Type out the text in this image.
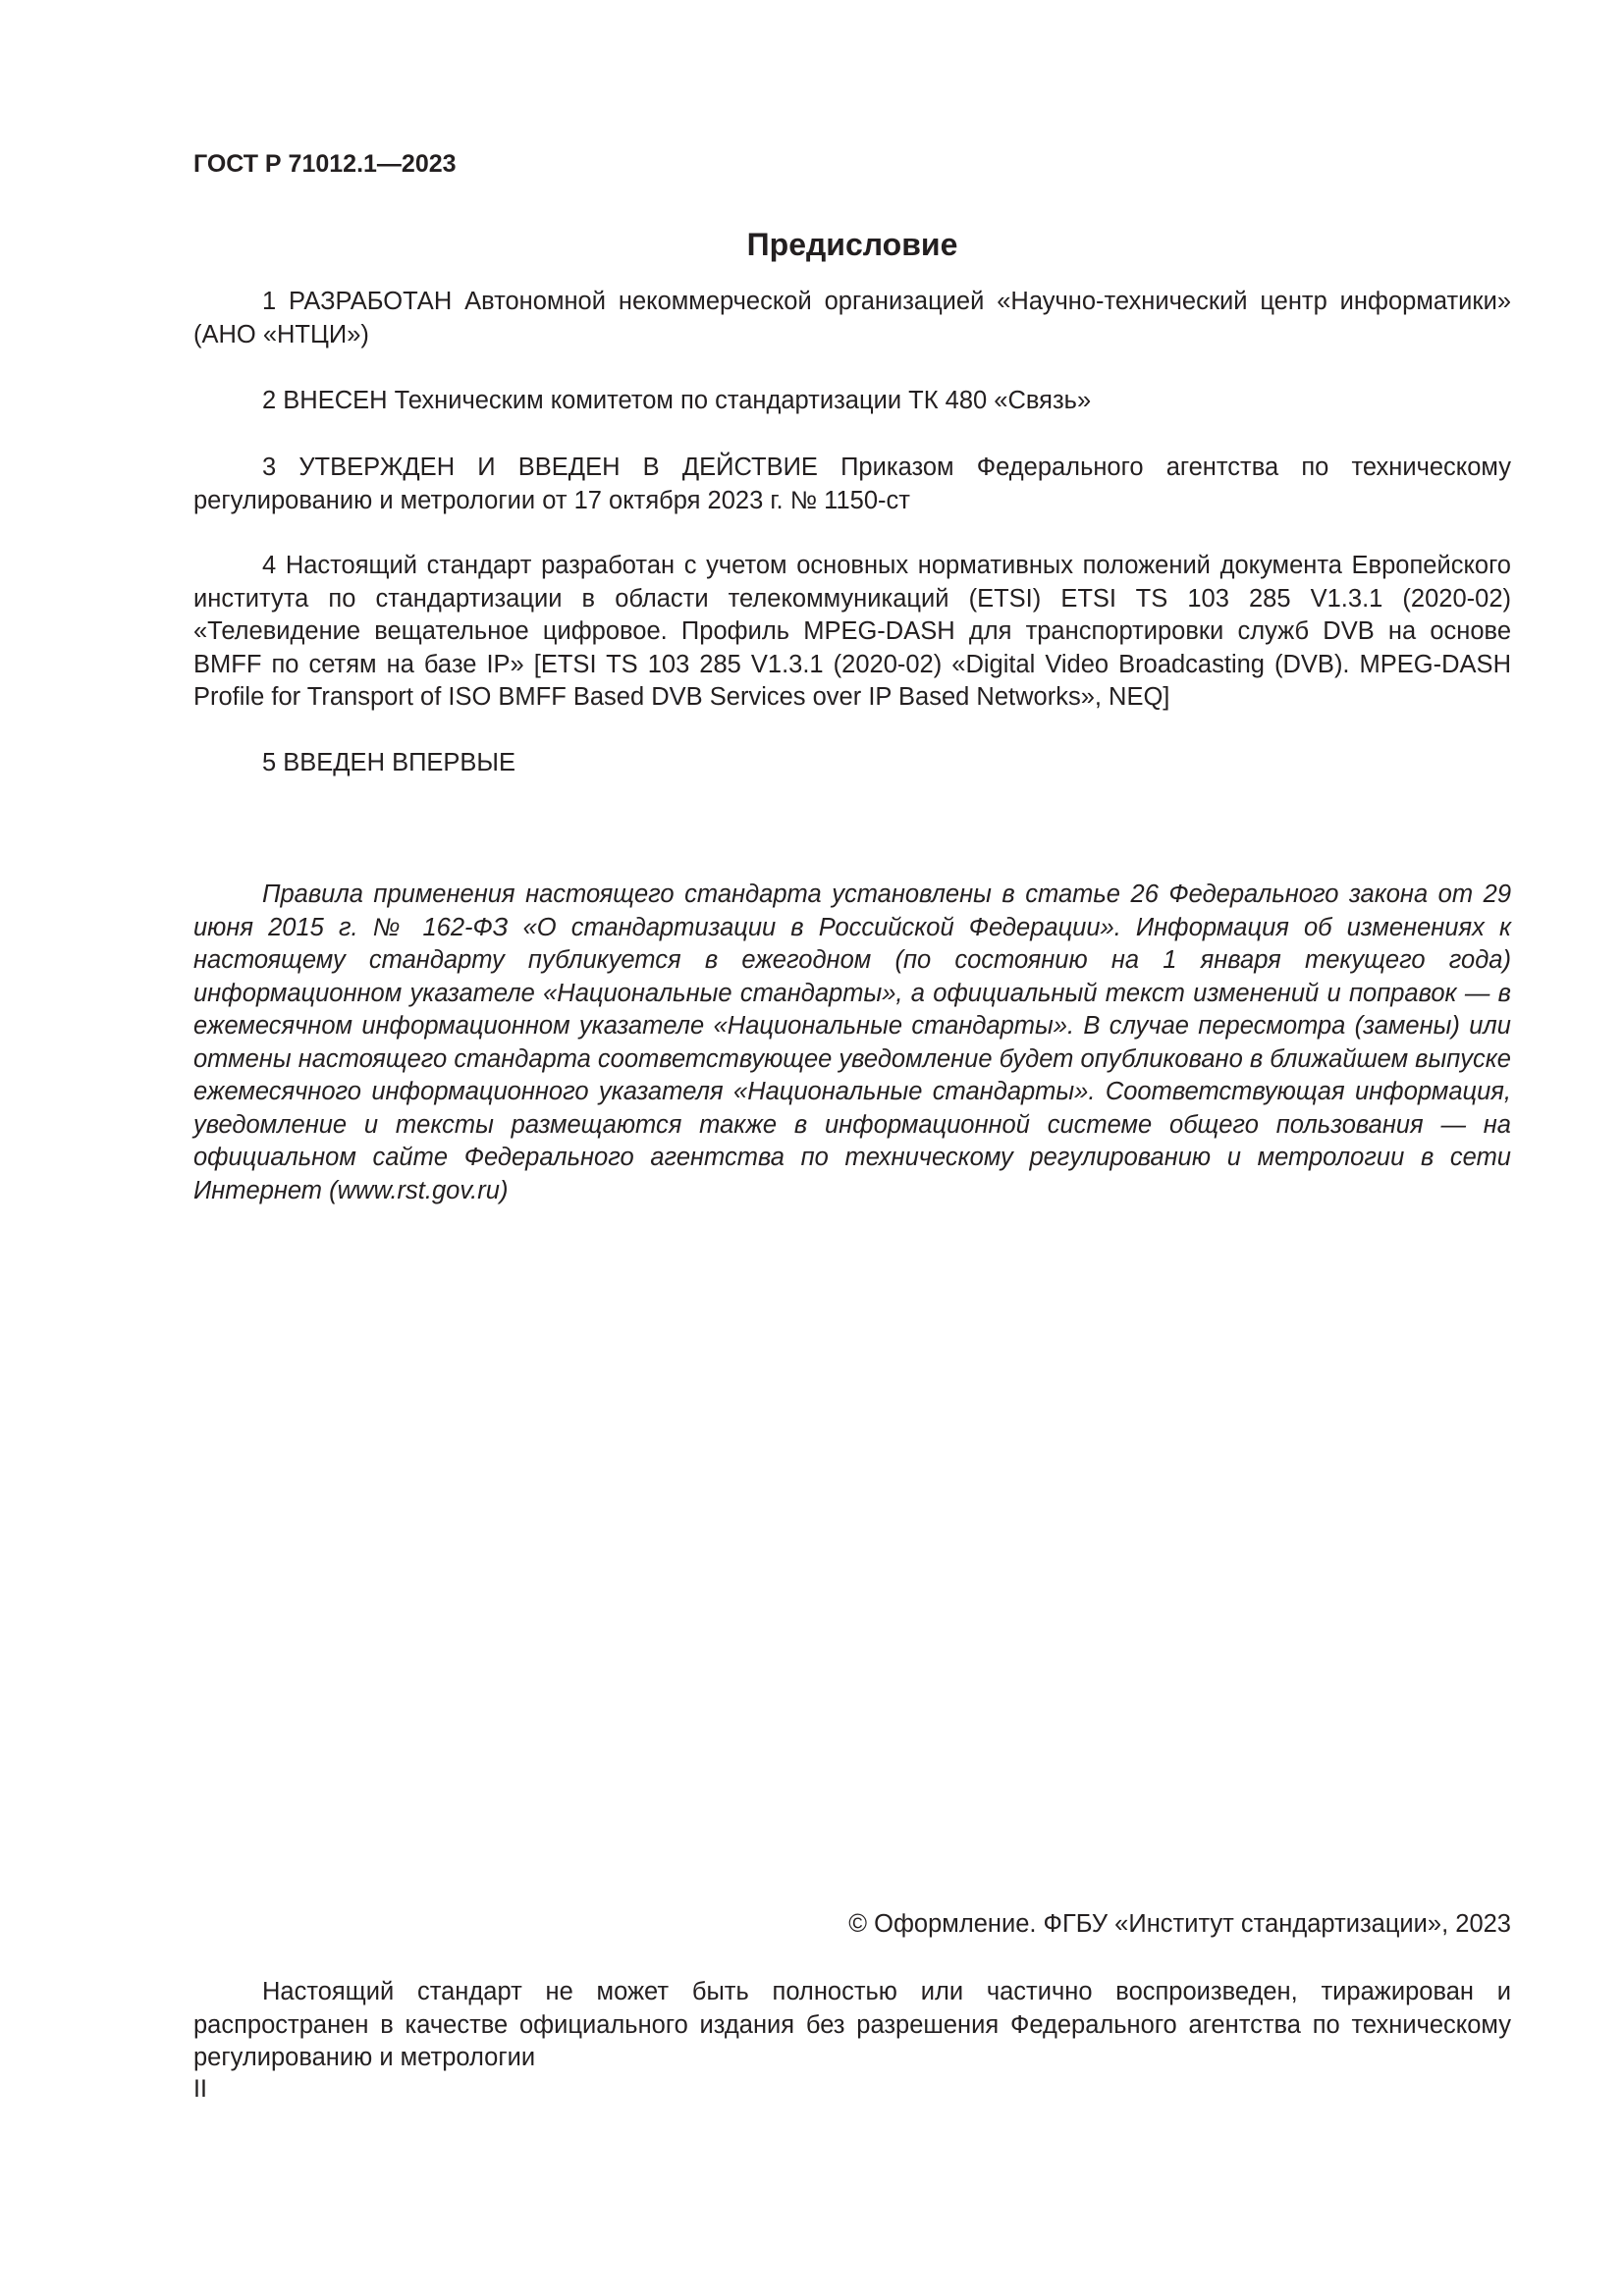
ГОСТ Р 71012.1—2023
Предисловие

1 РАЗРАБОТАН Автономной некоммерческой организацией «Научно-технический центр информатики» (АНО «НТЦИ»)

2 ВНЕСЕН Техническим комитетом по стандартизации ТК 480 «Связь»

3 УТВЕРЖДЕН И ВВЕДЕН В ДЕЙСТВИЕ Приказом Федерального агентства по техническому регулированию и метрологии от 17 октября 2023 г. № 1150-ст

4 Настоящий стандарт разработан с учетом основных нормативных положений документа Европейского института по стандартизации в области телекоммуникаций (ETSI) ETSI TS 103 285 V1.3.1 (2020-02) «Телевидение вещательное цифровое. Профиль MPEG-DASH для транспортировки служб DVB на основе BMFF по сетям на базе IP» [ETSI TS 103 285 V1.3.1 (2020-02) «Digital Video Broadcasting (DVB). MPEG-DASH Profile for Transport of ISO BMFF Based DVB Services over IP Based Networks», NEQ]

5 ВВЕДЕН ВПЕРВЫЕ

Правила применения настоящего стандарта установлены в статье 26 Федерального закона от 29 июня 2015 г. № 162-ФЗ «О стандартизации в Российской Федерации». Информация об изменениях к настоящему стандарту публикуется в ежегодном (по состоянию на 1 января текущего года) информационном указателе «Национальные стандарты», а официальный текст изменений и поправок — в ежемесячном информационном указателе «Национальные стандарты». В случае пересмотра (замены) или отмены настоящего стандарта соответствующее уведомление будет опубликовано в ближайшем выпуске ежемесячного информационного указателя «Национальные стандарты». Соответствующая информация, уведомление и тексты размещаются также в информационной системе общего пользования — на официальном сайте Федерального агентства по техническому регулированию и метрологии в сети Интернет (www.rst.gov.ru)

© Оформление. ФГБУ «Институт стандартизации», 2023

Настоящий стандарт не может быть полностью или частично воспроизведен, тиражирован и распространен в качестве официального издания без разрешения Федерального агентства по техническому регулированию и метрологии

II
